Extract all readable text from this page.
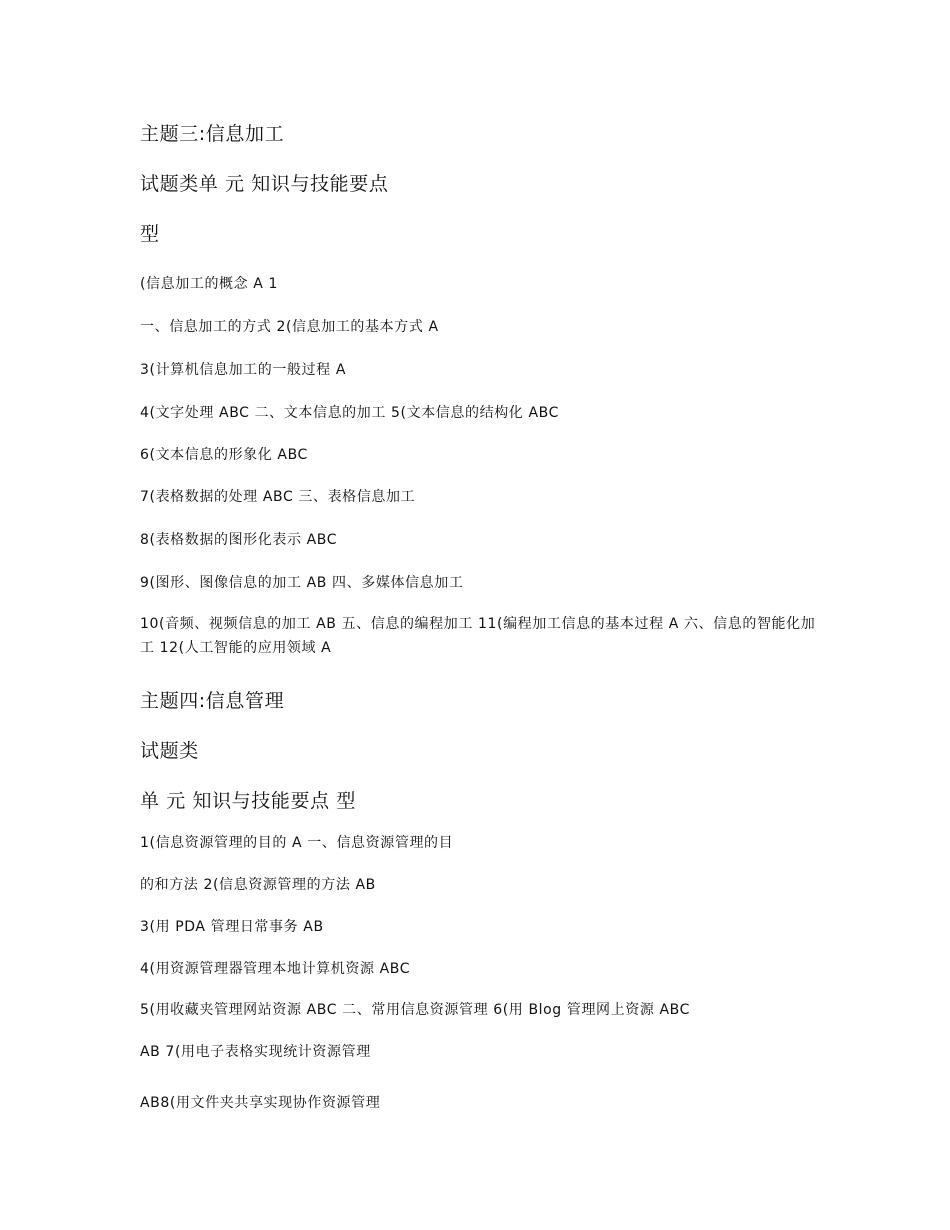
主题三:信息加工
试题类单 元 知识与技能要点
型
(信息加工的概念 A 1
一、信息加工的方式 2(信息加工的基本方式 A
3(计算机信息加工的一般过程 A
4(文字处理 ABC 二、文本信息的加工 5(文本信息的结构化 ABC
6(文本信息的形象化 ABC
7(表格数据的处理 ABC 三、表格信息加工
8(表格数据的图形化表示 ABC
9(图形、图像信息的加工 AB 四、多媒体信息加工
10(音频、视频信息的加工 AB 五、信息的编程加工 11(编程加工信息的基本过程 A 六、信息的智能化加工 12(人工智能的应用领域 A
主题四:信息管理
试题类
单 元 知识与技能要点 型
1(信息资源管理的目的 A 一、信息资源管理的目
的和方法 2(信息资源管理的方法 AB
3(用 PDA 管理日常事务 AB
4(用资源管理器管理本地计算机资源 ABC
5(用收藏夹管理网站资源 ABC 二、常用信息资源管理 6(用 Blog 管理网上资源 ABC
AB 7(用电子表格实现统计资源管理
AB8(用文件夹共享实现协作资源管理
